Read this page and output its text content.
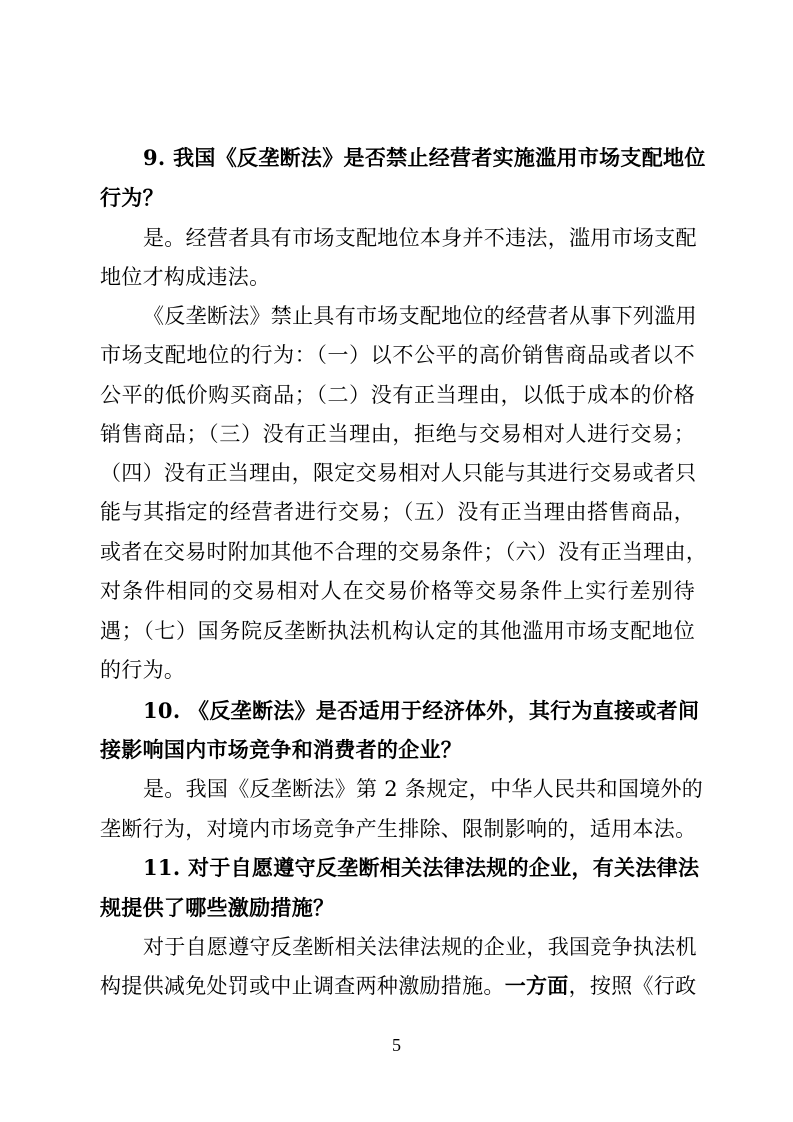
9. 我国《反垄断法》是否禁止经营者实施滥用市场支配地位
行为？
是。经营者具有市场支配地位本身并不违法，滥用市场支配
地位才构成违法。
《反垄断法》禁止具有市场支配地位的经营者从事下列滥用
市场支配地位的行为：（一）以不公平的高价销售商品或者以不
公平的低价购买商品；（二）没有正当理由，以低于成本的价格
销售商品；（三）没有正当理由，拒绝与交易相对人进行交易；
（四）没有正当理由，限定交易相对人只能与其进行交易或者只
能与其指定的经营者进行交易；（五）没有正当理由搭售商品，
或者在交易时附加其他不合理的交易条件；（六）没有正当理由，
对条件相同的交易相对人在交易价格等交易条件上实行差别待
遇；（七）国务院反垄断执法机构认定的其他滥用市场支配地位
的行为。
10. 《反垄断法》是否适用于经济体外，其行为直接或者间
接影响国内市场竞争和消费者的企业？
是。我国《反垄断法》第 2 条规定，中华人民共和国境外的
垄断行为，对境内市场竞争产生排除、限制影响的，适用本法。
11. 对于自愿遵守反垄断相关法律法规的企业，有关法律法
规提供了哪些激励措施？
对于自愿遵守反垄断相关法律法规的企业，我国竞争执法机
构提供减免处罚或中止调查两种激励措施。一方面，按照《行政
5
